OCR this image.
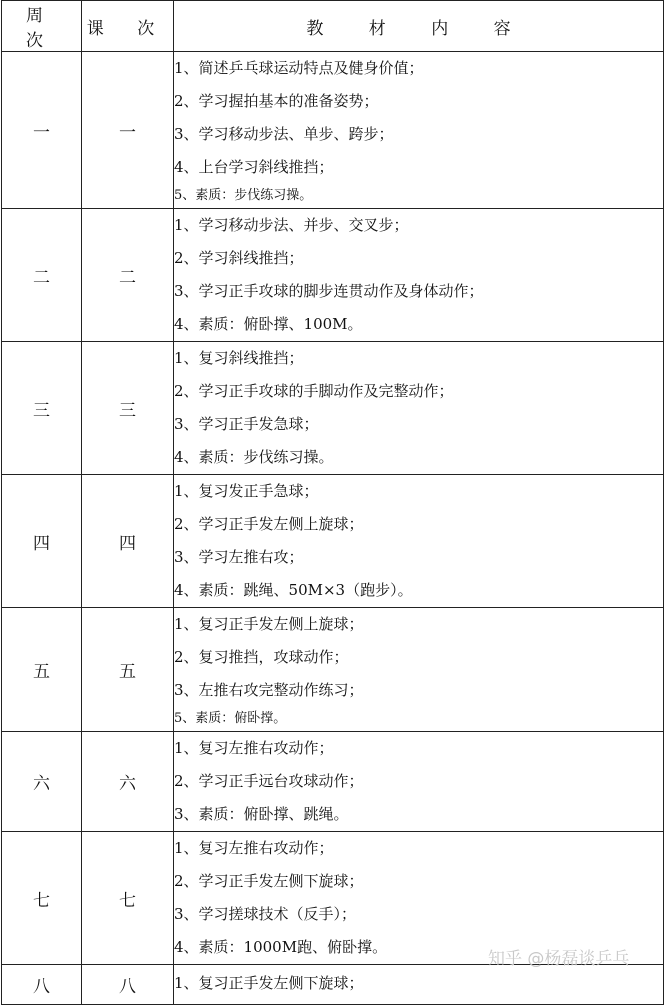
周 次	课 次	教 材 内 容
一	一	1、简述乒乓球运动特点及健身价值；
2、学习握拍基本的准备姿势；
3、学习移动步法、单步、跨步；
4、上台学习斜线推挡；
5、素质：步伐练习操。

二	二	1、学习移动步法、并步、交叉步；
2、学习斜线推挡；
3、学习正手攻球的脚步连贯动作及身体动作；
4、素质：俯卧撑、100M。

三	三	1、复习斜线推挡；
2、学习正手攻球的手脚动作及完整动作；
3、学习正手发急球；
4、素质：步伐练习操。

四	四	1、复习发正手急球；
2、学习正手发左侧上旋球；
3、学习左推右攻；
4、素质：跳绳、50M×3（跑步）。

五	五	1、复习正手发左侧上旋球；
2、复习推挡，攻球动作；
3、左推右攻完整动作练习；
5、素质：俯卧撑。

六	六	1、复习左推右攻动作；
2、学习正手远台攻球动作；
3、素质：俯卧撑、跳绳。

七	七	1、复习左推右攻动作；
2、学习正手发左侧下旋球；
3、学习搓球技术（反手）；
4、素质：1000M跑、俯卧撑。

八	八	1、复习正手发左侧下旋球；
知乎 @杨磊谈乒乓
